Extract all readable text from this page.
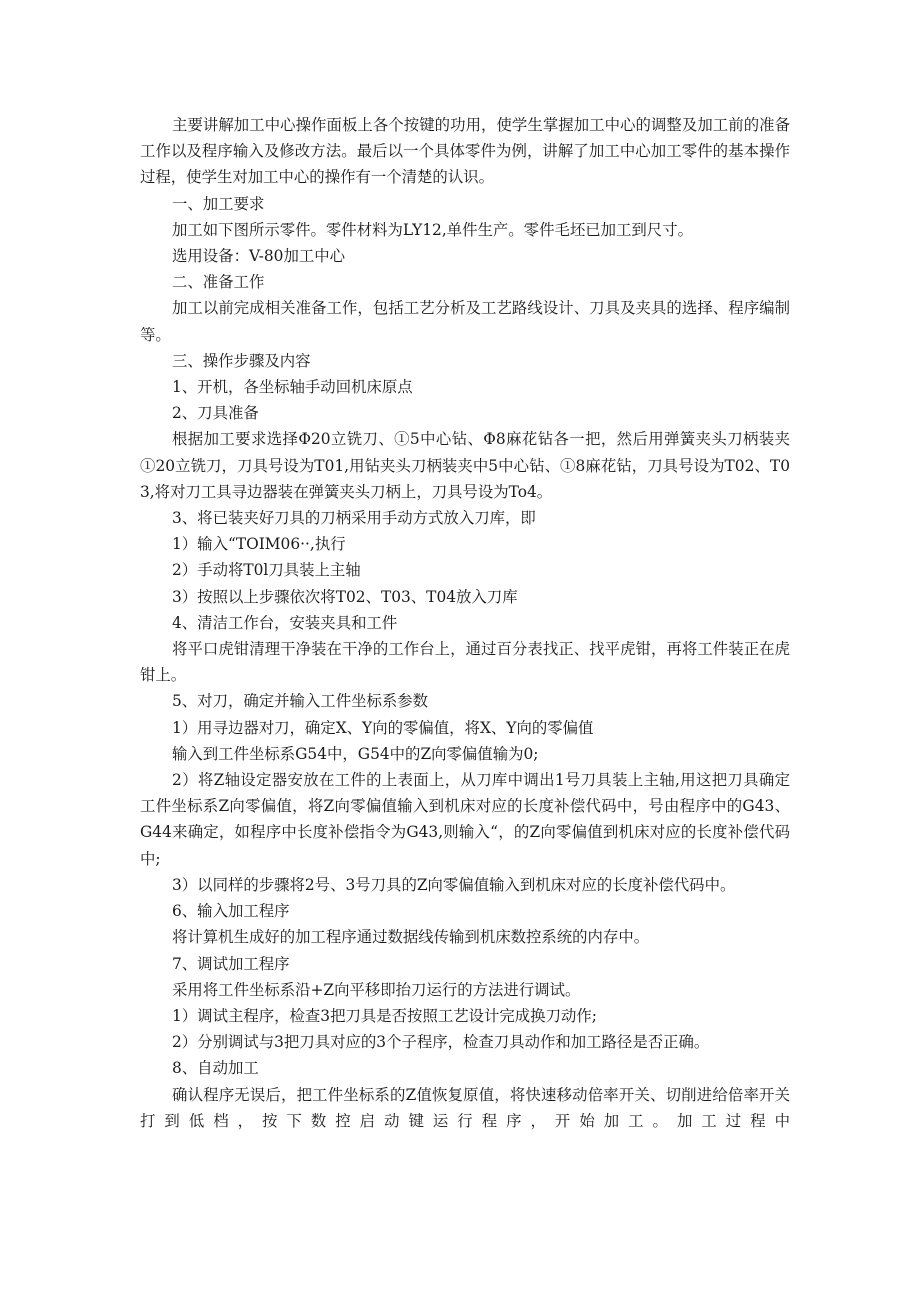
主要讲解加工中心操作面板上各个按键的功用，使学生掌握加工中心的调整及加工前的准备工作以及程序输入及修改方法。最后以一个具体零件为例，讲解了加工中心加工零件的基本操作过程，使学生对加工中心的操作有一个清楚的认识。

一、加工要求

加工如下图所示零件。零件材料为LY12,单件生产。零件毛坯已加工到尺寸。

选用设备：V-80加工中心

二、准备工作

加工以前完成相关准备工作，包括工艺分析及工艺路线设计、刀具及夹具的选择、程序编制等。

三、操作步骤及内容

1、开机，各坐标轴手动回机床原点

2、刀具准备

根据加工要求选择Φ20立铣刀、①5中心钻、Φ8麻花钻各一把，然后用弹簧夹头刀柄装夹①20立铣刀，刀具号设为T01,用钻夹头刀柄装夹中5中心钻、①8麻花钻，刀具号设为T02、T03,将对刀工具寻边器装在弹簧夹头刀柄上，刀具号设为To4。

3、将已装夹好刀具的刀柄采用手动方式放入刀库，即

1）输入“TOIM06··,执行

2）手动将T0l刀具装上主轴

3）按照以上步骤依次将T02、T03、T04放入刀库

4、清洁工作台，安装夹具和工件

将平口虎钳清理干净装在干净的工作台上，通过百分表找正、找平虎钳，再将工件装正在虎钳上。

5、对刀，确定并输入工件坐标系参数

1）用寻边器对刀，确定X、Y向的零偏值，将X、Y向的零偏值

输入到工件坐标系G54中，G54中的Z向零偏值输为0;

2）将Z轴设定器安放在工件的上表面上，从刀库中调出1号刀具装上主轴,用这把刀具确定工件坐标系Z向零偏值，将Z向零偏值输入到机床对应的长度补偿代码中，号由程序中的G43、G44来确定，如程序中长度补偿指令为G43,则输入“，的Z向零偏值到机床对应的长度补偿代码中;

3）以同样的步骤将2号、3号刀具的Z向零偏值输入到机床对应的长度补偿代码中。

6、输入加工程序

将计算机生成好的加工程序通过数据线传输到机床数控系统的内存中。

7、调试加工程序

采用将工件坐标系沿+Z向平移即抬刀运行的方法进行调试。

1）调试主程序，检查3把刀具是否按照工艺设计完成换刀动作;

2）分别调试与3把刀具对应的3个子程序，检查刀具动作和加工路径是否正确。

8、自动加工

确认程序无误后，把工件坐标系的Z值恢复原值，将快速移动倍率开关、切削进给倍率开关打到低档，按下数控启动键运行程序，开始加工。加工过程中
